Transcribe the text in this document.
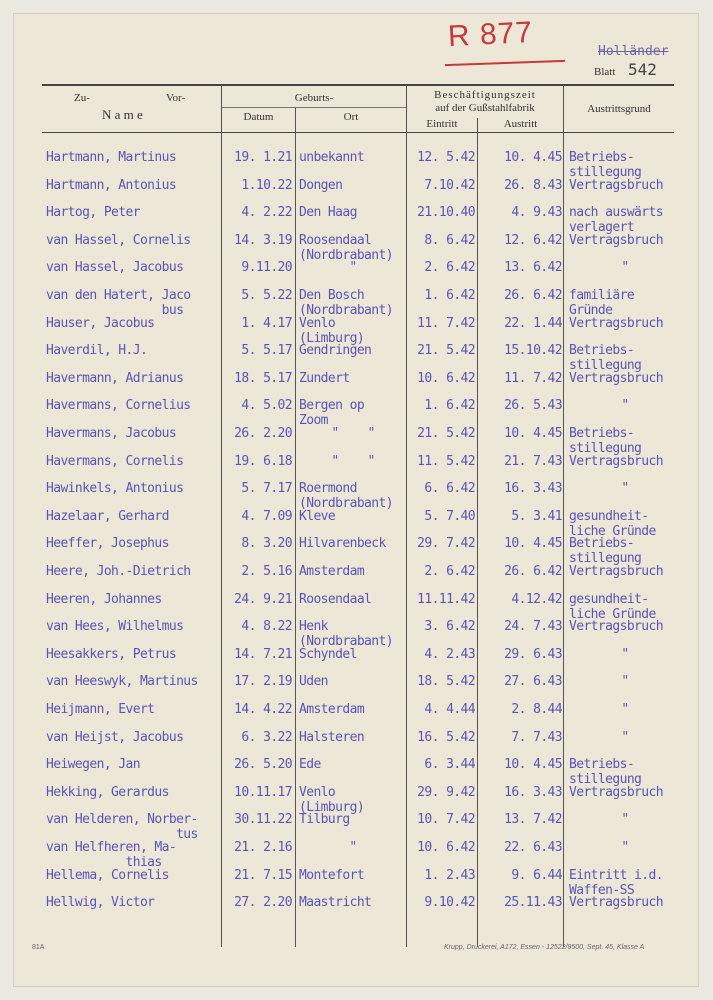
R 877	Holländer
Blatt 542
Zu-	Vor-
N a m e
Geburts-
Datum	Ort
Beschäftigungszeit
auf der Gußstahlfabrik
Eintritt	Austritt
Austrittsgrund
Hartmann, Martinus	19. 1.21 unbekannt	12. 5.42	10. 4.45 Betriebs-
stillegung
Hartmann, Antonius	1.10.22 Dongen	7.10.42	26. 8.43 Vertragsbruch
Hartog, Peter	4. 2.22 Den Haag	21.10.40	4. 9.43 nach auswärts
verlagert
van Hassel, Cornelis	14. 3.19 Roosendaal
(Nordbrabant)
8. 6.42	12. 6.42 Vertragsbruch
van Hassel, Jacobus	9.11.20	"	2. 6.42	13. 6.42	"
van den Hatert, Jaco
bus
5. 5.22 Den Bosch
(Nordbrabant)
1. 6.42	26. 6.42 familiäre
Gründe
Hauser, Jacobus	1. 4.17 Venlo
(Limburg)
11. 7.42	22. 1.44 Vertragsbruch
Haverdil, H.J.	5. 5.17 Gendringen	21. 5.42	15.10.42 Betriebs-
stillegung
Havermann, Adrianus	18. 5.17 Zundert	10. 6.42	11. 7.42 Vertragsbruch
Havermans, Cornelius	4. 5.02 Bergen op
Zoom
1. 6.42	26. 5.43	"
Havermans, Jacobus	26. 2.20	"    "	21. 5.42	10. 4.45 Betriebs-
stillegung
Havermans, Cornelis	19. 6.18	"    "	11. 5.42	21. 7.43 Vertragsbruch
Hawinkels, Antonius	5. 7.17 Roermond
(Nordbrabant)
6. 6.42	16. 3.43	"
Hazelaar, Gerhard	4. 7.09 Kleve	5. 7.40	5. 3.41 gesundheit-
liche Gründe
Heeffer, Josephus	8. 3.20 Hilvarenbeck	29. 7.42	10. 4.45 Betriebs-
stillegung
Heere, Joh.-Dietrich	2. 5.16 Amsterdam	2. 6.42	26. 6.42 Vertragsbruch
Heeren, Johannes	24. 9.21 Roosendaal	11.11.42	4.12.42 gesundheit-
liche Gründe
van Hees, Wilhelmus	4. 8.22 Henk
(Nordbrabant)
3. 6.42	24. 7.43 Vertragsbruch
Heesakkers, Petrus	14. 7.21 Schyndel	4. 2.43	29. 6.43	"
van Heeswyk, Martinus	17. 2.19 Uden	18. 5.42	27. 6.43	"
Heijmann, Evert	14. 4.22 Amsterdam	4. 4.44	2. 8.44	"
van Heijst, Jacobus	6. 3.22 Halsteren	16. 5.42	7. 7.43	"
Heiwegen, Jan	26. 5.20 Ede	6. 3.44	10. 4.45 Betriebs-
stillegung
Hekking, Gerardus	10.11.17 Venlo
(Limburg)
29. 9.42	16. 3.43 Vertragsbruch
van Helderen, Norber-
tus
30.11.22 Tilburg	10. 7.42	13. 7.42	"
van Helfheren, Ma-
thias
21. 2.16	"	10. 6.42	22. 6.43	"
Hellema, Cornelis	21. 7.15 Montefort	1. 2.43	9. 6.44 Eintritt i.d.
Waffen-SS
Hellwig, Victor	27. 2.20 Maastricht	9.10.42	25.11.43 Vertragsbruch
81A	Krupp, Druckerei, A172, Essen - 12522/9500, Sept. 45, Klasse A
